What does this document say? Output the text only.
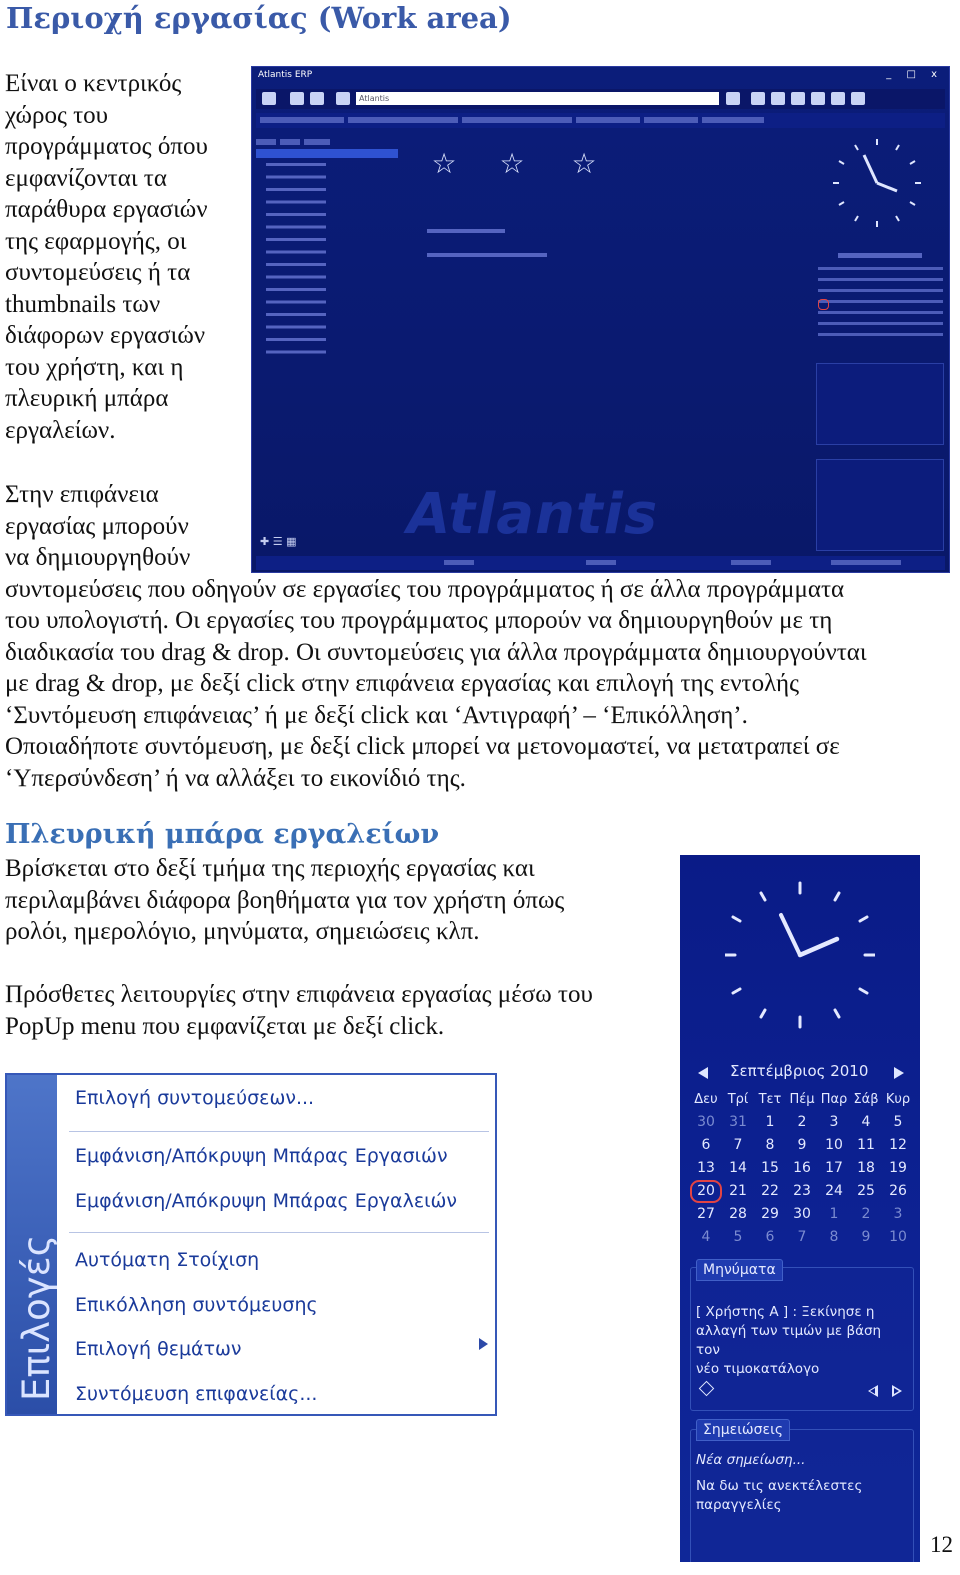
Περιοχή εργασίας (Work area)
Είναι ο κεντρικός
χώρος του
προγράμματος όπου
εμφανίζονται τα
παράθυρα εργασιών
της εφαρμογής, οι
συντομεύσεις ή τα
thumbnails των
διάφορων εργασιών
του χρήστη, και η
πλευρική μπάρα
εργαλείων.
Στην επιφάνεια
εργασίας μπορούν
να δημιουργηθούν
συντομεύσεις που οδηγούν σε εργασίες του προγράμματος ή σε άλλα προγράμματα
του υπολογιστή. Οι εργασίες του προγράμματος μπορούν να δημιουργηθούν με τη
διαδικασία του drag & drop. Οι συντομεύσεις για άλλα προγράμματα δημιουργούνται
με drag & drop, με δεξί click στην επιφάνεια εργασίας και επιλογή της εντολής
‘Συντόμευση επιφάνειας’ ή με δεξί click και ‘Αντιγραφή’ – ‘Επικόλληση’.
Οποιαδήποτε συντόμευση, με δεξί click μπορεί να μετονομαστεί, να μετατραπεί σε
‘Υπερσύνδεση’ ή να αλλάξει το εικονίδιό της.
Atlantis ERP	_ □ x
Atlantis
☆ ☆ ☆
Atlantis
✚ ☰ ▦
Πλευρική μπάρα εργαλείων
Βρίσκεται στο δεξί τμήμα της περιοχής εργασίας και
περιλαμβάνει διάφορα βοηθήματα για τον χρήστη όπως
ρολόι, ημερολόγιο, μηνύματα, σημειώσεις κλπ.
Πρόσθετες λειτουργίες στην επιφάνεια εργασίας μέσω του
PopUp menu που εμφανίζεται με δεξί click.
Επιλογές
Επιλογή συντομεύσεων...
Εμφάνιση/Απόκρυψη Μπάρας Εργασιών
Εμφάνιση/Απόκρυψη Μπάρας Εργαλειών
Αυτόματη Στοίχιση
Επικόλληση συντόμευσης
Επιλογή θεμάτων
Συντόμευση επιφανείας...
Σεπτέμβριος 2010
Δευ Τρί Τετ Πέμ Παρ Σάβ Κυρ
30	31	1	2	3	4	5
6	7	8	9	10	11	12
13	14	15	16	17	18	19
20	21	22	23	24	25	26
27	28	29	30	1	2	3
4	5	6	7	8	9	10
Μηνύματα
[ Χρήστης Α ] : Ξεκίνησε η
αλλαγή των τιμών με βάση τον
νέο τιμοκατάλογο
Σημειώσεις
Νέα σημείωση...
Να δω τις ανεκτέλεστες
παραγγελίες
12
